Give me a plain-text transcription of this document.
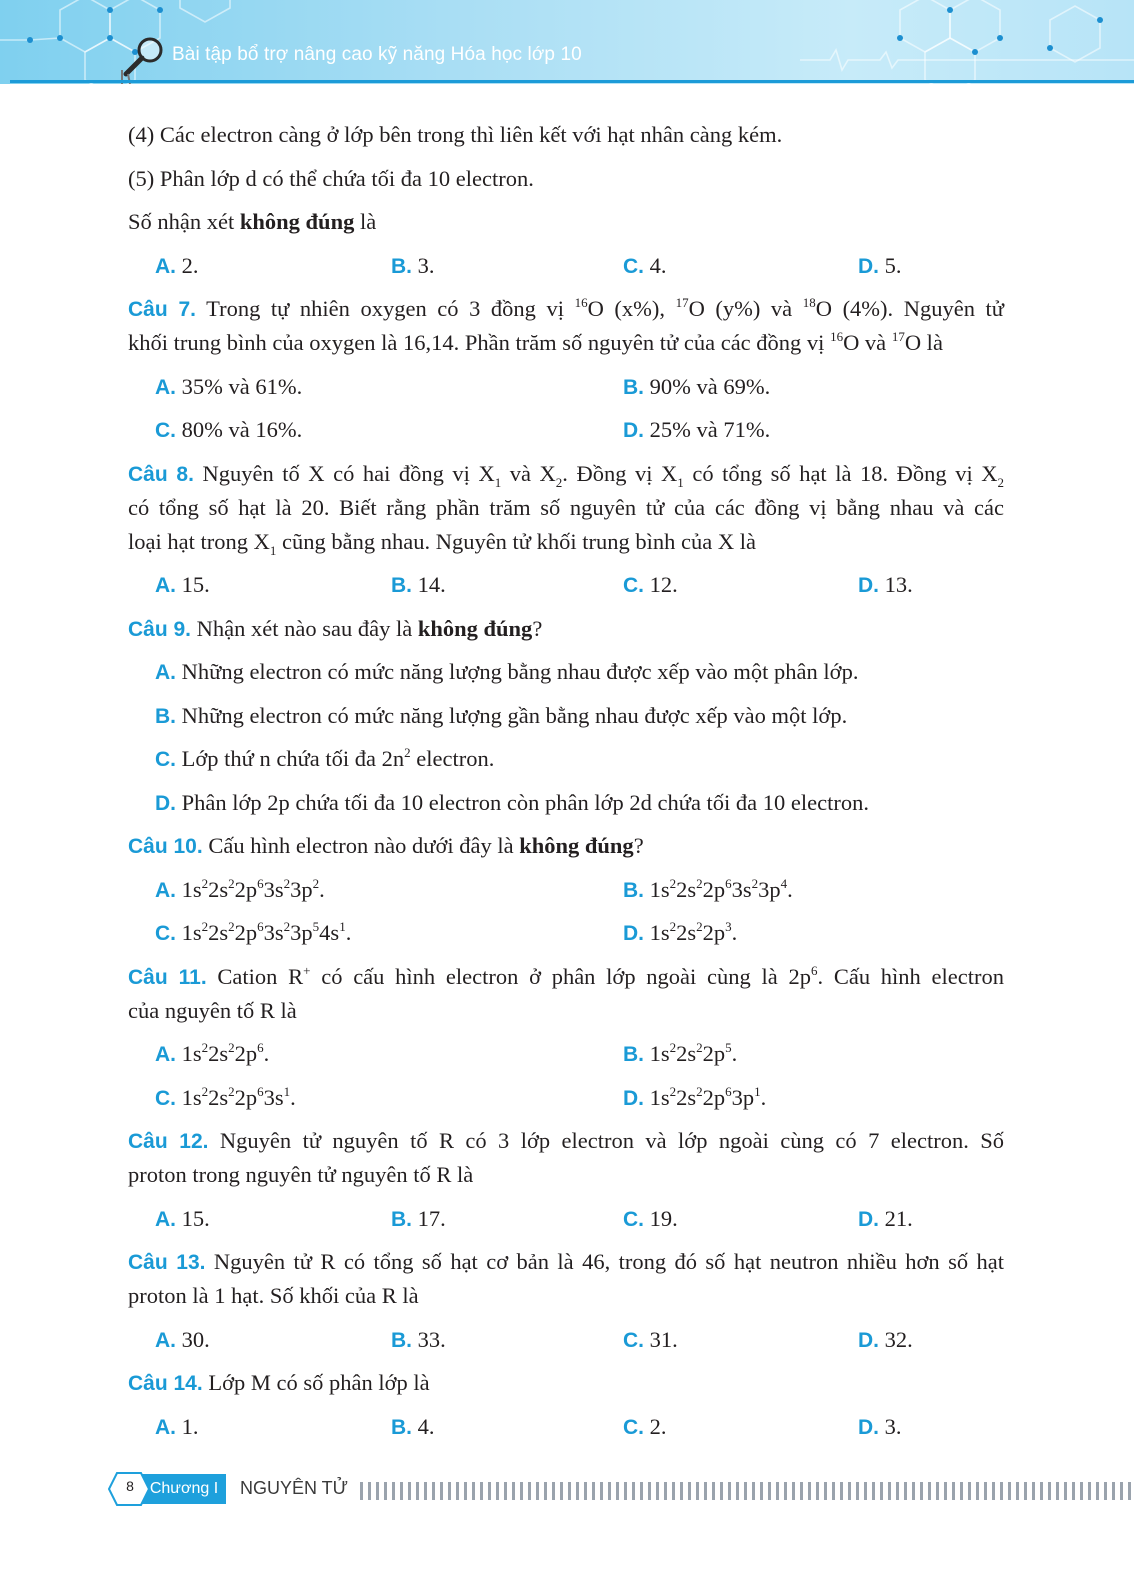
Bài tập bổ trợ nâng cao kỹ năng Hóa học lớp 10
(4) Các electron càng ở lớp bên trong thì liên kết với hạt nhân càng kém.
(5) Phân lớp d có thể chứa tối đa 10 electron.
Số nhận xét không đúng là
A. 2.	B. 3.	C. 4.	D. 5.
Câu 7. Trong tự nhiên oxygen có 3 đồng vị $^{16}$O (x%), $^{17}$O (y%) và $^{18}$O (4%). Nguyên tử
khối trung bình của oxygen là 16,14. Phần trăm số nguyên tử của các đồng vị $^{16}$O và $^{17}$O là
A. 35% và 61%.	B. 90% và 69%.
C. 80% và 16%.	D. 25% và 71%.
Câu 8. Nguyên tố X có hai đồng vị $X_1$ và $X_2$. Đồng vị $X_1$ có tổng số hạt là 18. Đồng vị $X_2$
có tổng số hạt là 20. Biết rằng phần trăm số nguyên tử của các đồng vị bằng nhau và các
loại hạt trong $X_1$ cũng bằng nhau. Nguyên tử khối trung bình của X là
A. 15.	B. 14.	C. 12.	D. 13.
Câu 9. Nhận xét nào sau đây là không đúng?
A. Những electron có mức năng lượng bằng nhau được xếp vào một phân lớp.
B. Những electron có mức năng lượng gần bằng nhau được xếp vào một lớp.
C. Lớp thứ n chứa tối đa $2n^2$ electron.
D. Phân lớp 2p chứa tối đa 10 electron còn phân lớp 2d chứa tối đa 10 electron.
Câu 10. Cấu hình electron nào dưới đây là không đúng?
A. $1s^22s^22p^63s^23p^2$.	B. $1s^22s^22p^63s^23p^4$.
C. $1s^22s^22p^63s^23p^54s^1$.	D. $1s^22s^22p^3$.
Câu 11. Cation R+ có cấu hình electron ở phân lớp ngoài cùng là $2p^6$. Cấu hình electron
của nguyên tố R là
A. $1s^22s^22p^6$.	B. $1s^22s^22p^5$.
C. $1s^22s^22p^63s^1$.	D. $1s^22s^22p^63p^1$.
Câu 12. Nguyên tử nguyên tố R có 3 lớp electron và lớp ngoài cùng có 7 electron. Số
proton trong nguyên tử nguyên tố R là
A. 15.	B. 17.	C. 19.	D. 21.
Câu 13. Nguyên tử R có tổng số hạt cơ bản là 46, trong đó số hạt neutron nhiều hơn số hạt
proton là 1 hạt. Số khối của R là
A. 30.	B. 33.	C. 31.	D. 32.
Câu 14. Lớp M có số phân lớp là
A. 1.	B. 4.	C. 2.	D. 3.
Chương I
8	NGUYÊN TỬ
